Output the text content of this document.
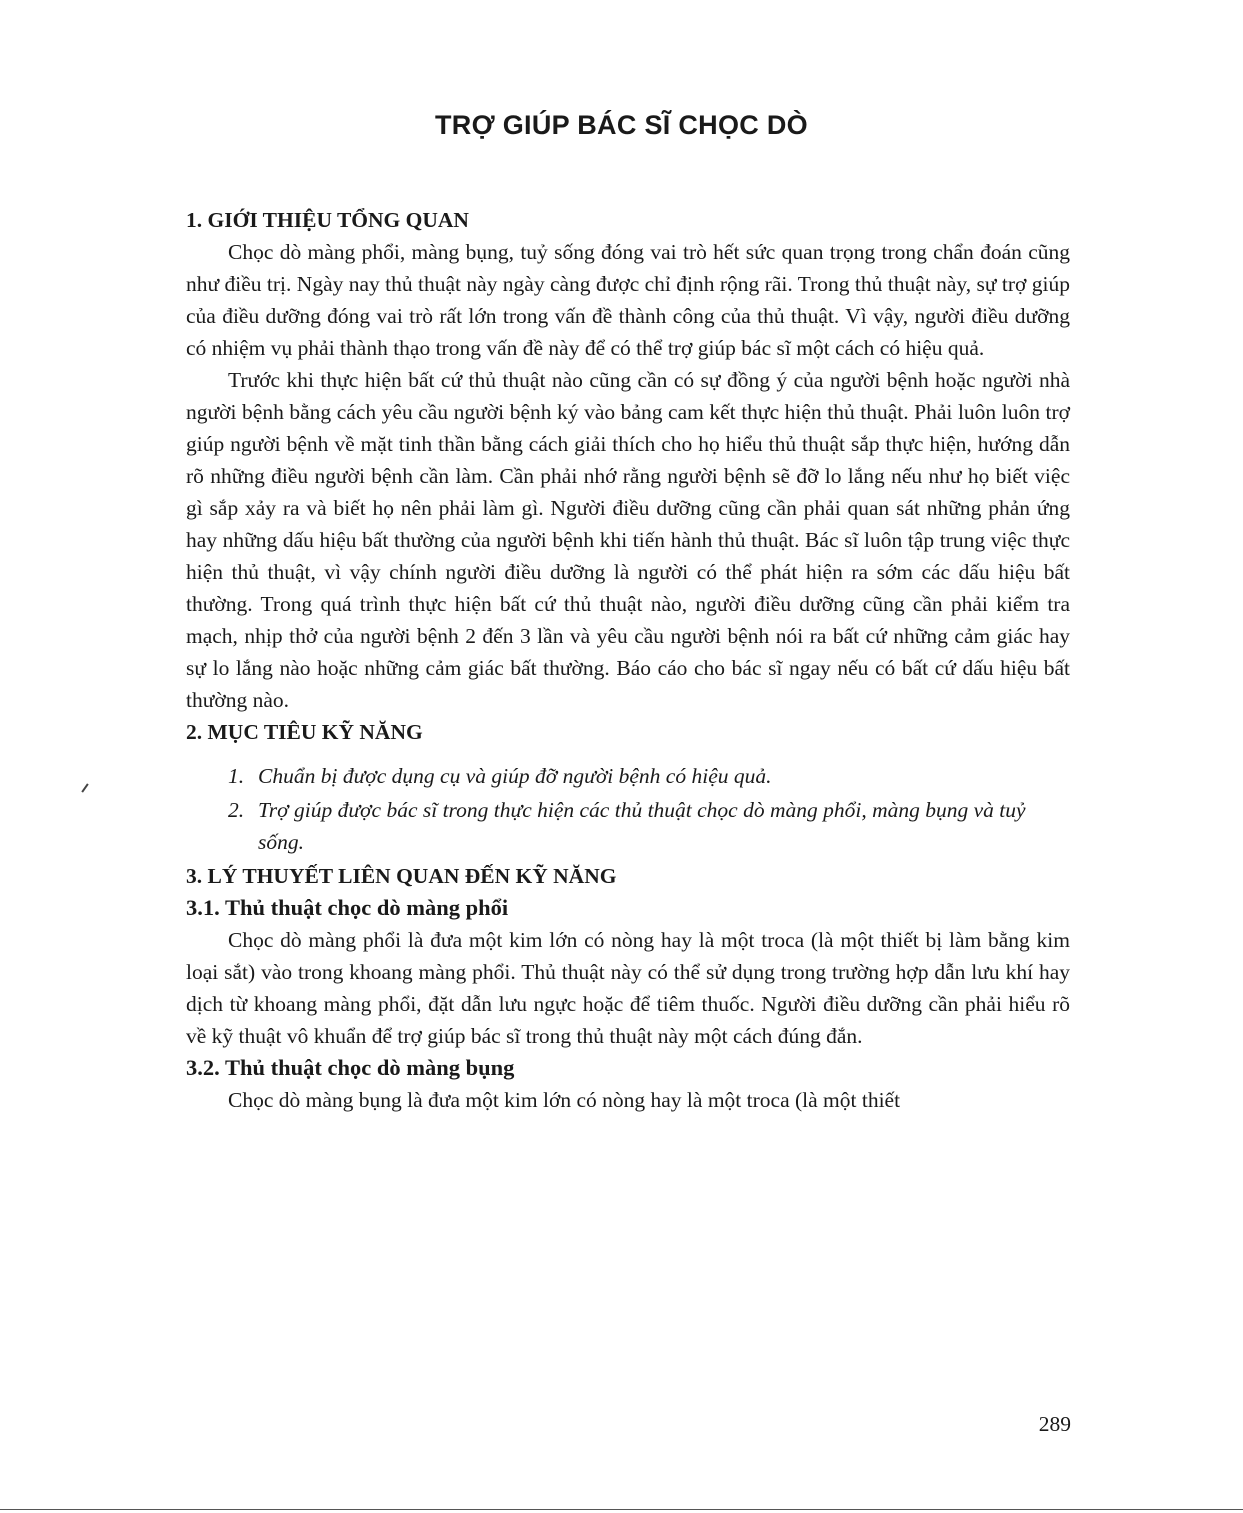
TRỢ GIÚP BÁC SĨ CHỌC DÒ
1. GIỚI THIỆU TỔNG QUAN

Chọc dò màng phổi, màng bụng, tuỷ sống đóng vai trò hết sức quan trọng trong chẩn đoán cũng như điều trị. Ngày nay thủ thuật này ngày càng được chỉ định rộng rãi. Trong thủ thuật này, sự trợ giúp của điều dưỡng đóng vai trò rất lớn trong vấn đề thành công của thủ thuật. Vì vậy, người điều dưỡng có nhiệm vụ phải thành thạo trong vấn đề này để có thể trợ giúp bác sĩ một cách có hiệu quả.

Trước khi thực hiện bất cứ thủ thuật nào cũng cần có sự đồng ý của người bệnh hoặc người nhà người bệnh bằng cách yêu cầu người bệnh ký vào bảng cam kết thực hiện thủ thuật. Phải luôn luôn trợ giúp người bệnh về mặt tinh thần bằng cách giải thích cho họ hiểu thủ thuật sắp thực hiện, hướng dẫn rõ những điều người bệnh cần làm. Cần phải nhớ rằng người bệnh sẽ đỡ lo lắng nếu như họ biết việc gì sắp xảy ra và biết họ nên phải làm gì. Người điều dưỡng cũng cần phải quan sát những phản ứng hay những dấu hiệu bất thường của người bệnh khi tiến hành thủ thuật. Bác sĩ luôn tập trung việc thực hiện thủ thuật, vì vậy chính người điều dưỡng là người có thể phát hiện ra sớm các dấu hiệu bất thường. Trong quá trình thực hiện bất cứ thủ thuật nào, người điều dưỡng cũng cần phải kiểm tra mạch, nhịp thở của người bệnh 2 đến 3 lần và yêu cầu người bệnh nói ra bất cứ những cảm giác hay sự lo lắng nào hoặc những cảm giác bất thường. Báo cáo cho bác sĩ ngay nếu có bất cứ dấu hiệu bất thường nào.

2. MỤC TIÊU KỸ NĂNG
1. Chuẩn bị được dụng cụ và giúp đỡ người bệnh có hiệu quả.
2. Trợ giúp được bác sĩ trong thực hiện các thủ thuật chọc dò màng phổi, màng bụng và tuỷ sống.
3. LÝ THUYẾT LIÊN QUAN ĐẾN KỸ NĂNG
3.1. Thủ thuật chọc dò màng phổi

Chọc dò màng phổi là đưa một kim lớn có nòng hay là một troca (là một thiết bị làm bằng kim loại sắt) vào trong khoang màng phổi. Thủ thuật này có thể sử dụng trong trường hợp dẫn lưu khí hay dịch từ khoang màng phổi, đặt dẫn lưu ngực hoặc để tiêm thuốc. Người điều dưỡng cần phải hiểu rõ về kỹ thuật vô khuẩn để trợ giúp bác sĩ trong thủ thuật này một cách đúng đắn.

3.2. Thủ thuật chọc dò màng bụng

Chọc dò màng bụng là đưa một kim lớn có nòng hay là một troca (là một thiết

289
